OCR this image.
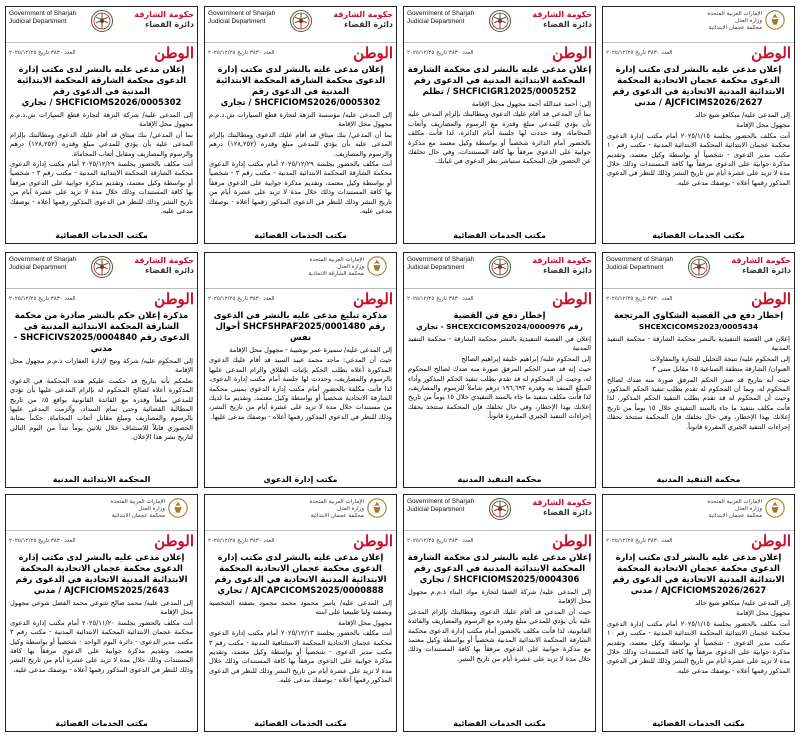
الإمارات العربية المتحدة
وزارة العدل
محكمة عجمان الابتدائية
العدد ٣٨٣٠ تاريخ ٢٠٢٥/١٢/٢٥	الوطن
إعلان مدعى عليه بالنشر لدى مكتب إدارة الدعوى محكمة عجمان الاتحادية المحكمة الابتدائية المدنية الاتحادية في الدعوى رقم AJCFICIMS2026/2627 / مدني

إلى المدعى عليه/ مبكاهو شيغ خالد

مجهول محل الإقامة

أنت مكلف بالحضور بجلسة ٢٠٢٥/١/١٥ أمام مكتب إدارة الدعوى محكمة عجمان الابتدائية المحكمة الابتدائية المدنية - مكتب رقم ١٠ مكتب مدير الدعوى - شخصياً أو بواسطة وكيل معتمد، وتقديم مذكرة جوابية على الدعوى مرفقاً بها كافة المستندات وذلك خلال مدة لا تزيد على عشرة أيام من تاريخ النشر وذلك للنظر في الدعوى المذكور رقمها أعلاه - بوصفك مدعى عليه.

مكتب الخدمات القضائية
Government of Sharjah
Judicial Department
حكومة الشارقة
دائرة القضاء
العدد ٣٨٣٠ تاريخ ٢٠٢٥/١٢/٢٥	الوطن
إعلان مدعى عليه بالنشر لدى محكمة الشارقة المحكمة الابتدائية المدنية في الدعوى رقم SHCFICIGR12025/0005252 / تظلم

إلى: أحمد عبدالله أحمد مجهول محل الإقامة

بما أن المدعي قد أقام عليك الدعوى ومطالبتك بإلزام المدعى عليه بأن يؤدي للمدعي مبلغ وقدره مع الرسوم والمصاريف وأتعاب المحاماة، وقد حددت لها جلسة أمام الدائرة، لذا فأنت مكلف بالحضور أمام الدائرة شخصياً أو بواسطة وكيل معتمد مع مذكرة جوابية على الدعوى مرفقاً بها كافة المستندات، وفي حال تخلفك عن الحضور فإن المحكمة ستباشر نظر الدعوى في غيابك.

مكتب الخدمات القضائية
Government of Sharjah
Judicial Department
حكومة الشارقة
دائرة القضاء
العدد ٣٨٣٠ تاريخ ٢٠٢٥/١٢/٢٥	الوطن
إعلان مدعى عليه بالنشر لدى مكتب إدارة الدعوى محكمة الشارقة المحكمة الابتدائية المدنية في الدعوى رقم SHCFICIOMS2026/0005302 / تجاري

إلى المدعى عليه/ مؤسسة النزهة لتجارة قطع السيارات ش.ذ.م.م مجهول محل الإقامة

بما أن المدعي/ بنك ميثاق قد أقام عليك الدعوى ومطالبتك بإلزام المدعى عليه بأن يؤدي للمدعي مبلغ وقدره (١٢٨,٢٥٢) درهم والرسوم والمصاريف.

أنت مكلف بالحضور بجلسة ٢٠٢٥/١٢/٢٩ أمام مكتب إدارة الدعوى محكمة الشارقة المحكمة الابتدائية المدنية - مكتب رقم ٣ - شخصياً أو بواسطة وكيل معتمد، وتقديم مذكرة جوابية على الدعوى مرفقاً بها كافة المستندات وذلك خلال مدة لا تزيد على عشرة أيام من تاريخ النشر وذلك للنظر في الدعوى المذكور رقمها أعلاه - بوصفك مدعى عليه.

مكتب الخدمات القضائية
Government of Sharjah
Judicial Department
حكومة الشارقة
دائرة القضاء
العدد ٣٨٣٠ تاريخ ٢٠٢٥/١٢/٢٥	الوطن
إعلان مدعى عليه بالنشر لدى مكتب إدارة الدعوى محكمة الشارقة المحكمة الابتدائية المدنية في الدعوى رقم SHCFICIOMS2026/0005302 / تجاري

إلى المدعى عليه/ شركة النزهة لتجارة قطع السيارات ش.ذ.م.م مجهول محل الإقامة

بما أن المدعي/ بنك ميثاق قد أقام عليك الدعوى ومطالبتك بإلزام المدعى عليه بأن يؤدي للمدعي مبلغ وقدره (١٢٨,٢٥٢) درهم والرسوم والمصاريف ومقابل أتعاب المحاماة.

أنت مكلف بالحضور بجلسة ٢٠٢٥/١٢/٢٩ أمام مكتب إدارة الدعوى محكمة الشارقة المحكمة الابتدائية المدنية - مكتب رقم ٣ - شخصياً أو بواسطة وكيل معتمد، وتقديم مذكرة جوابية على الدعوى مرفقاً بها كافة المستندات وذلك خلال مدة لا تزيد على عشرة أيام من تاريخ النشر وذلك للنظر في الدعوى المذكور رقمها أعلاه - بوصفك مدعى عليه.

مكتب الخدمات القضائية
Government of Sharjah
Judicial Department
حكومة الشارقة
دائرة القضاء
العدد ٣٨٣٠ تاريخ ٢٠٢٥/١٢/٢٥	الوطن
إخطار دفع في القضية الشكاوى المرتجعة
SHCEXCICOMS2023/0005434

إعلان في القضية التنفيذية بالنشر محكمة الشارقة - محكمة التنفيذ المدنية

إلى المحكوم عليه/ نتيجة التحليل للتجارة والمقاولات

العنوان/ الشارقة منطقة الصناعية ١٥ مقابل مبنى ٣

حيث أنه بتاريخ قد صدر الحكم المرفق صورة منه ضدك لصالح المحكوم له، وبما أن المحكوم له تقدم بطلب تنفيذ الحكم المذكور، وحيث أن المحكوم له قد تقدم بطلب التنفيذ الحكم المذكور، لذا فأنت مكلف بتنفيذ ما جاء بالسند التنفيذي خلال ١٥ يوماً من تاريخ إعلانك بهذا الإخطار، وفي حال تخلفك فإن المحكمة ستتخذ بحقك إجراءات التنفيذ الجبري المقررة قانوناً.

محكمة التنفيذ المدنية
Government of Sharjah
Judicial Department
حكومة الشارقة
دائرة القضاء
العدد ٣٨٣٠ تاريخ ٢٠٢٥/١٢/٢٥	الوطن
إخطار دفع في القضية
رقم SHCEXCICOMS2024/0000976 - تجاري

إعلان في القضية التنفيذية بالنشر محكمة الشارقة - محكمة التنفيذ المدنية

إلى المحكوم عليه/ إبراهيم خليفة إبراهيم الصالح

حيث إنه قد صدر الحكم المرفق صورة منه ضدك لصالح المحكوم له، وحيث أن المحكوم له قد تقدم بطلب تنفيذ الحكم المذكور وأداء المبلغ المنفذ به وقدره ١٩٦,٦٩٣ درهم شاملاً للرسوم والمصاريف، لذا فأنت مكلف بتنفيذ ما جاء بالسند التنفيذي خلال ١٥ يوماً من تاريخ إعلانك بهذا الإخطار، وفي حال تخلفك فإن المحكمة ستتخذ بحقك إجراءات التنفيذ الجبري المقررة قانوناً.

محكمة التنفيذ المدنية
الإمارات العربية المتحدة
وزارة العدل
محكمة الشارقة الاتحادية
العدد ٣٨٣٠ تاريخ ٢٠٢٥/١٢/٢٥	الوطن
مذكرة تبليغ مدعى عليه بالنشر في الدعوى رقم SHCFSHPAF2025/0001480 أحوال نفس

إلى المدعى عليه/ سميرة عمر بوشيبة - مجهول محل الإقامة

حيث أن المدعي: ماجد محمد عبيد السيد قد أقام عليك الدعوى المذكورة أعلاه بطلب الحكم بإثبات الطلاق والزام المدعى عليها بالرسوم والمصاريف، وحددت لها جلسة أمام مكتب إدارة الدعوى، لذا فأنت مكلفة بالحضور أمام مكتب إدارة الدعوى بمبنى محكمة الشارقة الاتحادية شخصياً أو بواسطة وكيل معتمد، وتقديم ما لديك من مستندات خلال مدة لا تزيد على عشرة أيام من تاريخ النشر، وذلك للنظر في الدعوى المذكور رقمها أعلاه - بوصفك مدعى عليها.

مكتب إدارة الدعوى
Government of Sharjah
Judicial Department
حكومة الشارقة
دائرة القضاء
العدد ٣٨٣٠ تاريخ ٢٠٢٥/١٢/٢٥	الوطن
مذكرة إعلان حكم بالنشر صادرة من محكمة الشارقة المحكمة الابتدائية المدنية في الدعوى رقم SHCFICIVS2025/0004840 - مدني

إلى المحكوم عليه/ شركة وتيح لإدارة العقارات ذ.م.م مجهول محل الإقامة

نعلمكم بأنه بتاريخ قد حكمت عليكم هذه المحكمة في الدعوى المذكورة أعلاه لصالح المحكوم له بإلزام المدعى عليها بأن تؤدي للمدعي مبلغاً وقدره مع الفائدة القانونية بواقع ٥٪ من تاريخ المطالبة القضائية وحتى تمام السداد، وألزمت المدعى عليها بالرسوم والمصاريف ومبلغ مقابل أتعاب المحاماة. حكماً بمثابة الحضوري قابلاً للاستئناف خلال ثلاثين يوماً تبدأ من اليوم التالي لتاريخ نشر هذا الإعلان.

المحكمة الابتدائية المدنية
الإمارات العربية المتحدة
وزارة العدل
محكمة عجمان الابتدائية
العدد ٣٨٣٠ تاريخ ٢٠٢٥/١٢/٢٥	الوطن
إعلان مدعى عليه بالنشر لدى مكتب إدارة الدعوى محكمة عجمان الاتحادية المحكمة الابتدائية المدنية الاتحادية في الدعوى رقم AJCFICIOMS2026/2627 / مدني

إلى المدعى عليه/ مبكاهو شيغ خالد

مجهول محل الإقامة

أنت مكلف بالحضور بجلسة ٢٠٢٥/١/١٥ أمام مكتب إدارة الدعوى محكمة عجمان الابتدائية المحكمة الابتدائية المدنية - مكتب رقم ١٠ مكتب مدير الدعوى - شخصياً أو بواسطة وكيل معتمد، وتقديم مذكرة جوابية على الدعوى مرفقاً بها كافة المستندات وذلك خلال مدة لا تزيد على عشرة أيام من تاريخ النشر وذلك للنظر في الدعوى المذكور رقمها أعلاه - بوصفك مدعى عليه.

مكتب الخدمات القضائية
Government of Sharjah
Judicial Department
حكومة الشارقة
دائرة القضاء
العدد ٣٨٣٠ تاريخ ٢٠٢٥/١٢/٢٥	الوطن
إعلان مدعى عليه بالنشر لدى محكمة الشارقة المحكمة الابتدائية المدنية في الدعوى رقم SHCFICIOMS2025/0004306 / تجاري

إلى المدعى عليه/ شركة الصفا لتجارة مواد البناء ذ.م.م مجهول محل الإقامة

حيث أن المدعي قد أقام عليك الدعوى ومطالبتك بإلزام المدعى عليه بأن يؤدي للمدعي مبلغ وقدره مع الرسوم والمصاريف والفائدة القانونية، لذا فأنت مكلف بالحضور أمام مكتب إدارة الدعوى محكمة الشارقة المحكمة الابتدائية المدنية شخصياً أو بواسطة وكيل معتمد مع مذكرة جوابية على الدعوى مرفقاً بها كافة المستندات وذلك خلال مدة لا تزيد على عشرة أيام من تاريخ النشر.

مكتب الخدمات القضائية
الإمارات العربية المتحدة
وزارة العدل
محكمة عجمان الابتدائية
العدد ٣٨٣٠ تاريخ ٢٠٢٥/١٢/٢٥	الوطن
إعلان مدعى عليه بالنشر لدى مكتب إدارة الدعوى محكمة عجمان الاتحادية المحكمة الابتدائية المدنية الاتحادية في الدعوى رقم AJCAPCICOMS2025/0000888 / تجاري

إلى المدعى عليه/ ياسر محمود محمد محمود بصفته الشخصية وبصفته وليا طبيعيا على ابنته

مجهول محل الإقامة

أنت مكلف بالحضور بجلسة ٢٠٢٥/١٢/١٣ أمام مكتب إدارة الدعوى محكمة عجمان الاتحادية المحكمة الاستئنافية المدنية - مكتب رقم ٣ مكتب مدير الدعوى - شخصياً أو بواسطة وكيل معتمد، وتقديم مذكرة جوابية على الدعوى مرفقاً بها كافة المستندات وذلك خلال مدة لا تزيد على عشرة أيام من تاريخ النشر وذلك للنظر في الدعوى المذكور رقمها أعلاه - بوصفك مدعى عليه.

مكتب الخدمات القضائية
الإمارات العربية المتحدة
وزارة العدل
محكمة عجمان الابتدائية
العدد ٣٨٣٠ تاريخ ٢٠٢٥/١٢/٢٥	الوطن
إعلان مدعى عليه بالنشر لدى مكتب إدارة الدعوى محكمة عجمان الاتحادية المحكمة الابتدائية المدنية الاتحادية في الدعوى رقم AJCFICIOMS2025/2643 / مدني

إلى المدعى عليه/ محمد صالح شوعي محمد الفضل شوعي مجهول محل الإقامة

أنت مكلف بالحضور بجلسة ٢٠٢٥/١١/٢٠ أمام مكتب إدارة الدعوى محكمة عجمان الابتدائية المحكمة الابتدائية المدنية - مكتب رقم ٣ مكتب مدير الدعوى - دائرة اليوم الواحد - شخصياً أو بواسطة وكيل معتمد، وتقديم مذكرة جوابية على الدعوى مرفقاً بها كافة المستندات وذلك خلال مدة لا تزيد على عشرة أيام من تاريخ النشر وذلك للنظر في الدعوى المذكور رقمها أعلاه - بوصفك مدعى عليه.

مكتب الخدمات القضائية
